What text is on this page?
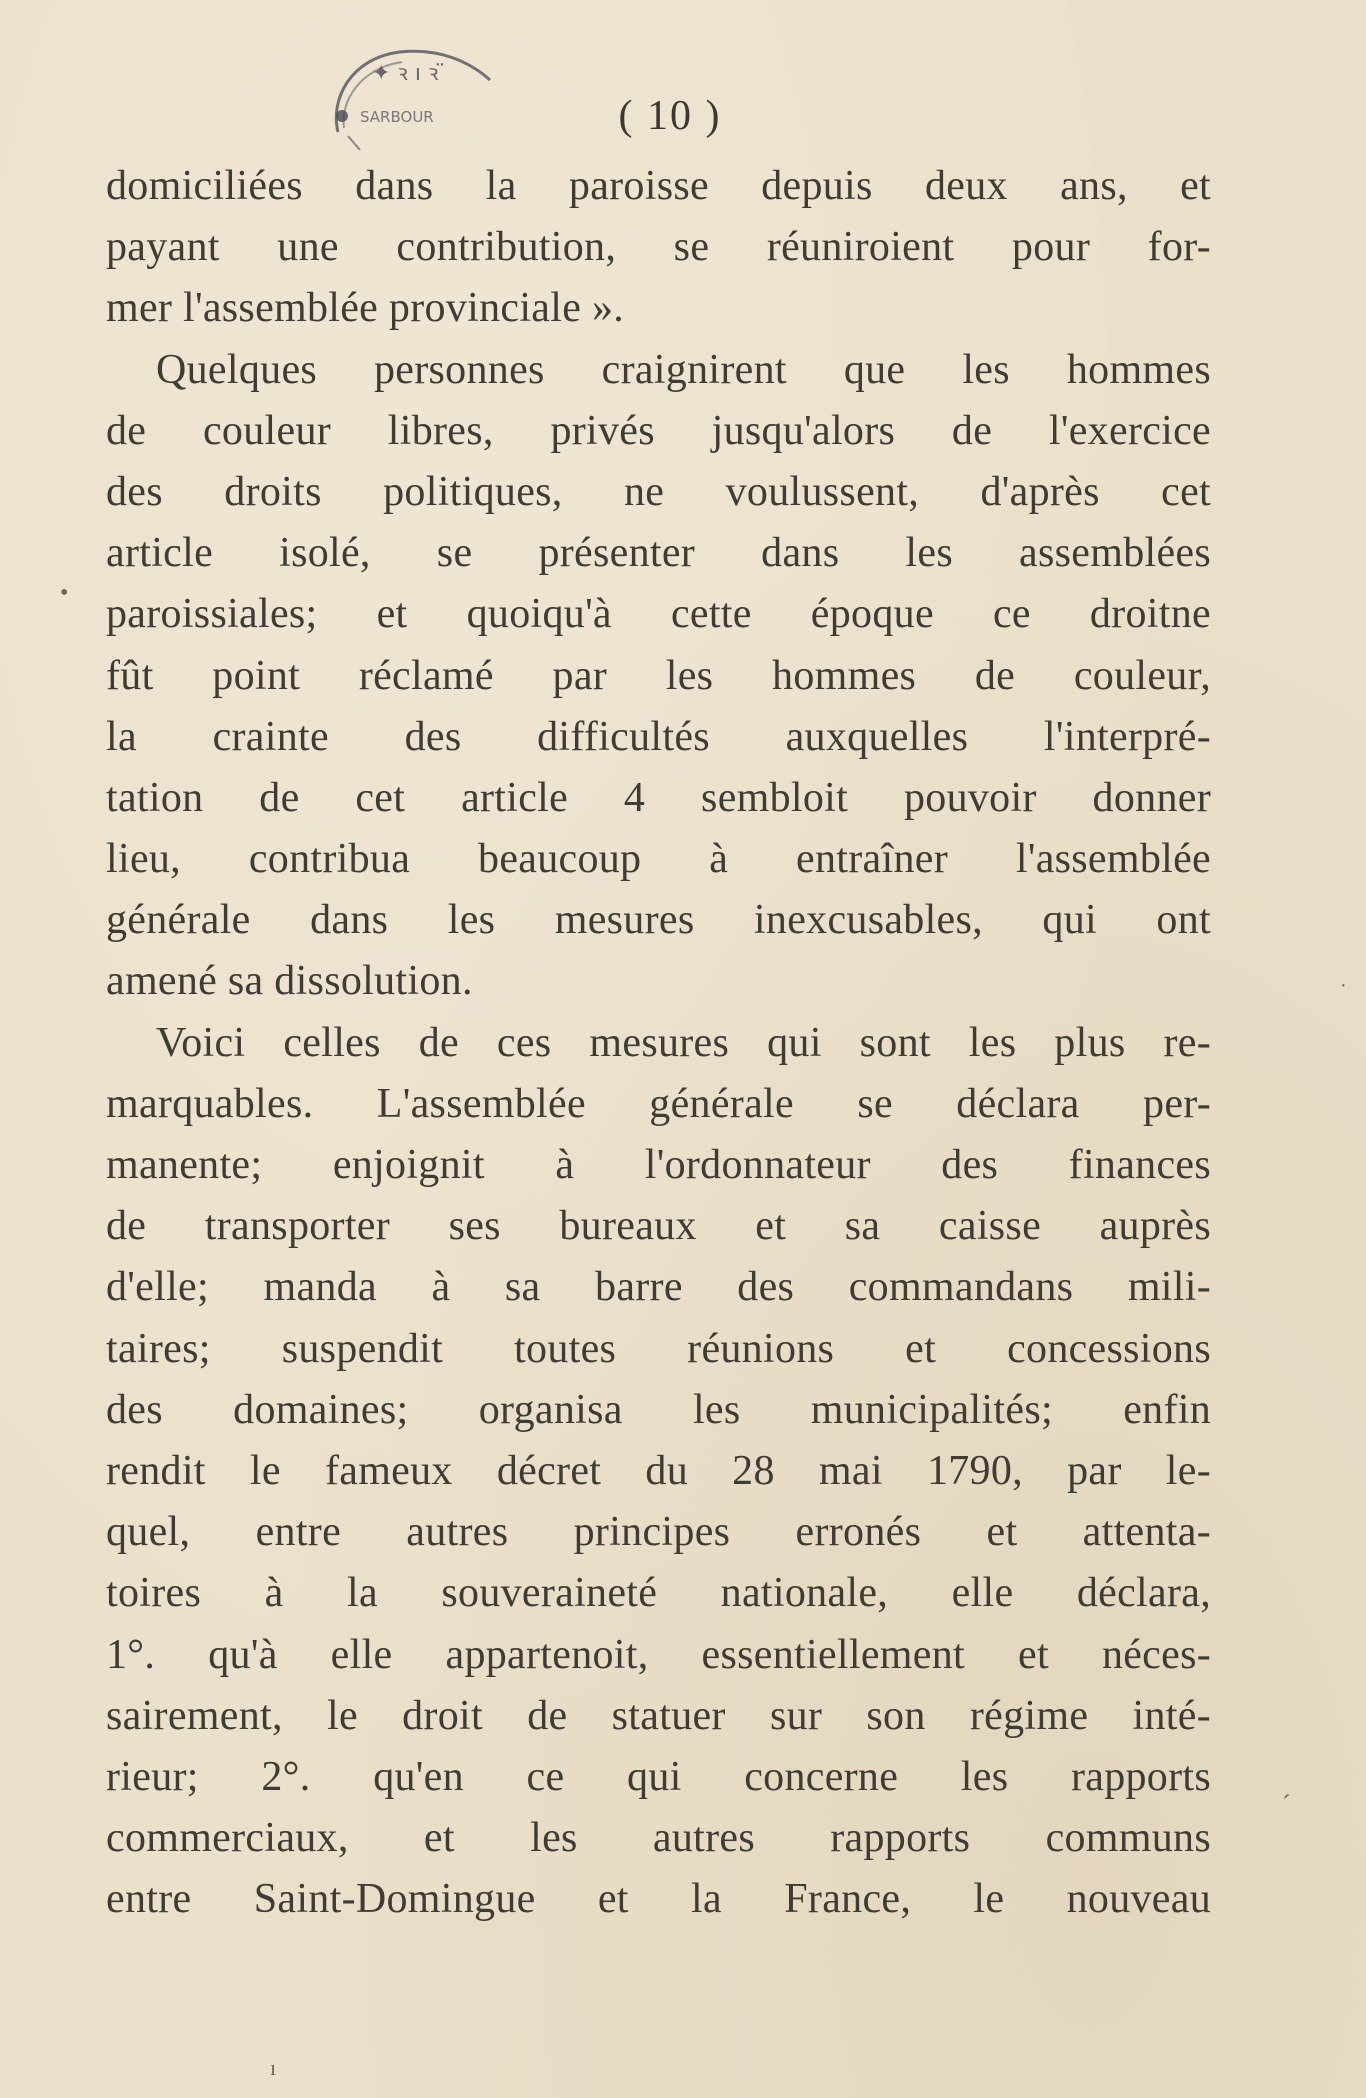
✦ ꝛ ı ꝛ ̈
SARBOUR	( 10 )
domiciliées dans la paroisse depuis deux ans, et
payant une contribution, se réuniroient pour for-
mer l'assemblée provinciale ».
Quelques personnes craignirent que les hommes
de couleur libres, privés jusqu'alors de l'exercice
des droits politiques, ne voulussent, d'après cet
article isolé, se présenter dans les assemblées
paroissiales; et quoiqu'à cette époque ce droitne
fût point réclamé par les hommes de couleur,
la crainte des difficultés auxquelles l'interpré-
tation de cet article 4 sembloit pouvoir donner
lieu, contribua beaucoup à entraîner l'assemblée
générale dans les mesures inexcusables, qui ont
amené sa dissolution.
Voici celles de ces mesures qui sont les plus re-
marquables. L'assemblée générale se déclara per-
manente; enjoignit à l'ordonnateur des finances
de transporter ses bureaux et sa caisse auprès
d'elle; manda à sa barre des commandans mili-
taires; suspendit toutes réunions et concessions
des domaines; organisa les municipalités; enfin
rendit le fameux décret du 28 mai 1790, par le-
quel, entre autres principes erronés et attenta-
toires à la souveraineté nationale, elle déclara,
1°. qu'à elle appartenoit, essentiellement et néces-
sairement, le droit de statuer sur son régime inté-
rieur; 2°. qu'en ce qui concerne les rapports
commerciaux, et les autres rapports communs
entre Saint-Domingue et la France, le nouveau
•
·
´
ı
